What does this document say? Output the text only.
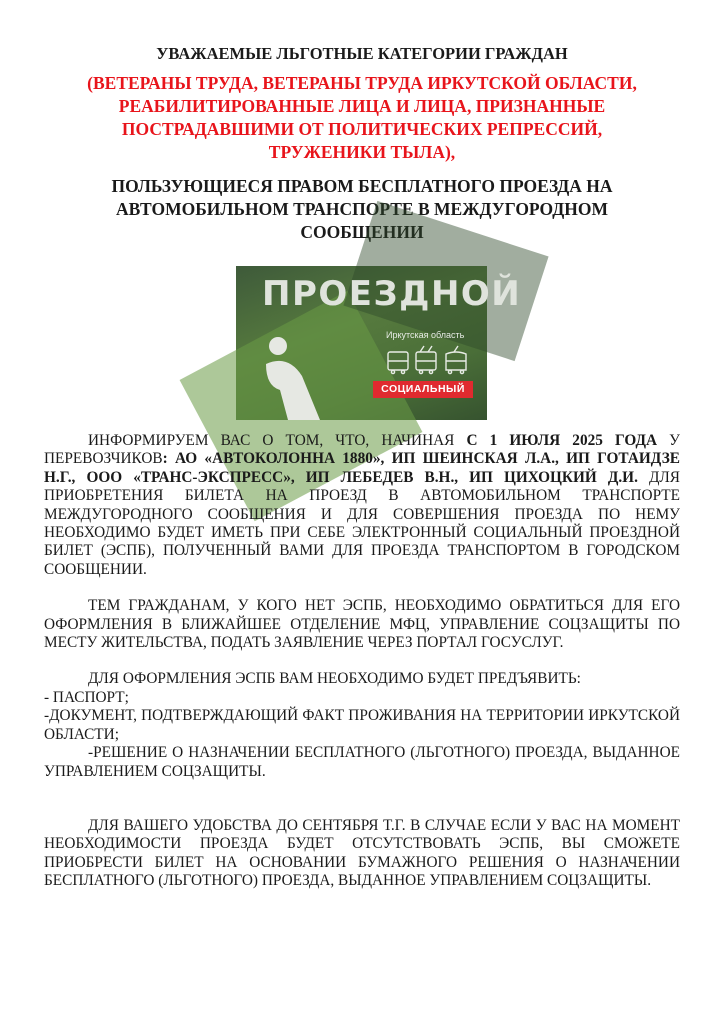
УВАЖАЕМЫЕ ЛЬГОТНЫЕ КАТЕГОРИИ ГРАЖДАН
(ВЕТЕРАНЫ ТРУДА, ВЕТЕРАНЫ ТРУДА ИРКУТСКОЙ ОБЛАСТИ,
РЕАБИЛИТИРОВАННЫЕ ЛИЦА И ЛИЦА, ПРИЗНАННЫЕ
ПОСТРАДАВШИМИ ОТ ПОЛИТИЧЕСКИХ РЕПРЕССИЙ,
ТРУЖЕНИКИ ТЫЛА),
ПОЛЬЗУЮЩИЕСЯ ПРАВОМ БЕСПЛАТНОГО ПРОЕЗДА НА
АВТОМОБИЛЬНОМ ТРАНСПОРТЕ В МЕЖДУГОРОДНОМ
СООБЩЕНИИ
ПРОЕЗДНОЙ
Иркутская область
СОЦИАЛЬНЫЙ

ИНФОРМИРУЕМ ВАС О ТОМ, ЧТО, НАЧИНАЯ С 1 ИЮЛЯ 2025 ГОДА У ПЕРЕВОЗЧИКОВ: АО «АВТОКОЛОННА 1880», ИП ШЕИНСКАЯ Л.А., ИП ГОТАИДЗЕ Н.Г., ООО «ТРАНС-ЭКСПРЕСС», ИП ЛЕБЕДЕВ В.Н., ИП ЦИХОЦКИЙ Д.И. ДЛЯ ПРИОБРЕТЕНИЯ БИЛЕТА НА ПРОЕЗД В АВТОМОБИЛЬНОМ ТРАНСПОРТЕ МЕЖДУГОРОДНОГО СООБЩЕНИЯ И ДЛЯ СОВЕРШЕНИЯ ПРОЕЗДА ПО НЕМУ НЕОБХОДИМО БУДЕТ ИМЕТЬ ПРИ СЕБЕ ЭЛЕКТРОННЫЙ СОЦИАЛЬНЫЙ ПРОЕЗДНОЙ БИЛЕТ (ЭСПБ), ПОЛУЧЕННЫЙ ВАМИ ДЛЯ ПРОЕЗДА ТРАНСПОРТОМ В ГОРОДСКОМ СООБЩЕНИИ.

ТЕМ ГРАЖДАНАМ, У КОГО НЕТ ЭСПБ, НЕОБХОДИМО ОБРАТИТЬСЯ ДЛЯ ЕГО ОФОРМЛЕНИЯ В БЛИЖАЙШЕЕ ОТДЕЛЕНИЕ МФЦ, УПРАВЛЕНИЕ СОЦЗАЩИТЫ ПО МЕСТУ ЖИТЕЛЬСТВА, ПОДАТЬ ЗАЯВЛЕНИЕ ЧЕРЕЗ ПОРТАЛ ГОСУСЛУГ.

ДЛЯ ОФОРМЛЕНИЯ ЭСПБ ВАМ НЕОБХОДИМО БУДЕТ ПРЕДЪЯВИТЬ:

- ПАСПОРТ;

-ДОКУМЕНТ, ПОДТВЕРЖДАЮЩИЙ ФАКТ ПРОЖИВАНИЯ НА ТЕРРИТОРИИ ИРКУТСКОЙ ОБЛАСТИ;

-РЕШЕНИЕ О НАЗНАЧЕНИИ БЕСПЛАТНОГО (ЛЬГОТНОГО) ПРОЕЗДА, ВЫДАННОЕ УПРАВЛЕНИЕМ СОЦЗАЩИТЫ.

ДЛЯ ВАШЕГО УДОБСТВА ДО СЕНТЯБРЯ Т.Г. В СЛУЧАЕ ЕСЛИ У ВАС НА МОМЕНТ НЕОБХОДИМОСТИ ПРОЕЗДА БУДЕТ ОТСУТСТВОВАТЬ ЭСПБ, ВЫ СМОЖЕТЕ ПРИОБРЕСТИ БИЛЕТ НА ОСНОВАНИИ БУМАЖНОГО РЕШЕНИЯ О НАЗНАЧЕНИИ БЕСПЛАТНОГО (ЛЬГОТНОГО) ПРОЕЗДА, ВЫДАННОЕ УПРАВЛЕНИЕМ СОЦЗАЩИТЫ.
